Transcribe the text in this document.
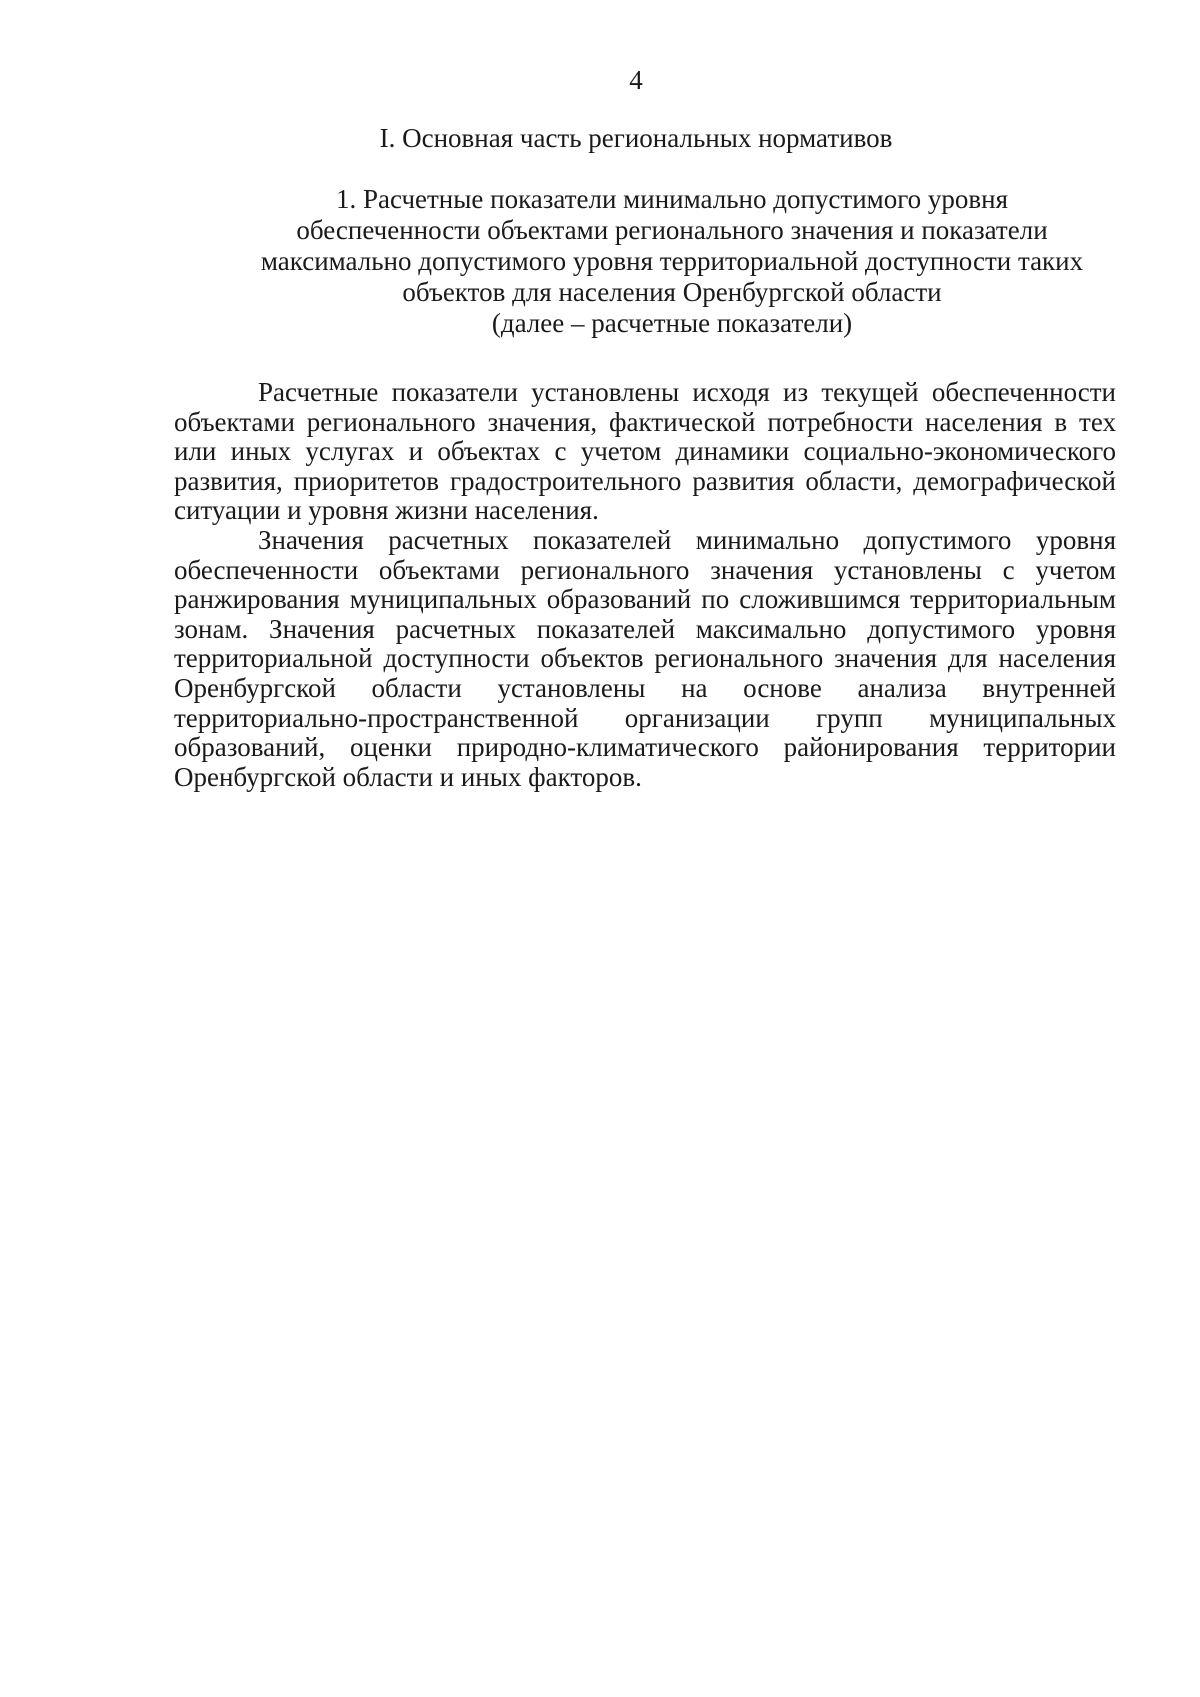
4
I. Основная часть региональных нормативов
1. Расчетные показатели минимально допустимого уровня
обеспеченности объектами регионального значения и показатели
максимально допустимого уровня территориальной доступности таких
объектов для населения Оренбургской области
(далее – расчетные показатели)

Расчетные показатели установлены исходя из текущей обеспеченности объектами регионального значения, фактической потребности населения в тех или иных услугах и объектах с учетом динамики социально-экономического развития, приоритетов градостроительного развития области, демографической ситуации и уровня жизни населения.

Значения расчетных показателей минимально допустимого уровня обеспеченности объектами регионального значения установлены с учетом ранжирования муниципальных образований по сложившимся территориальным зонам. Значения расчетных показателей максимально допустимого уровня территориальной доступности объектов регионального значения для населения Оренбургской области установлены на основе анализа внутренней территориально-пространственной организации групп муниципальных образований, оценки природно-климатического районирования территории Оренбургской области и иных факторов.
